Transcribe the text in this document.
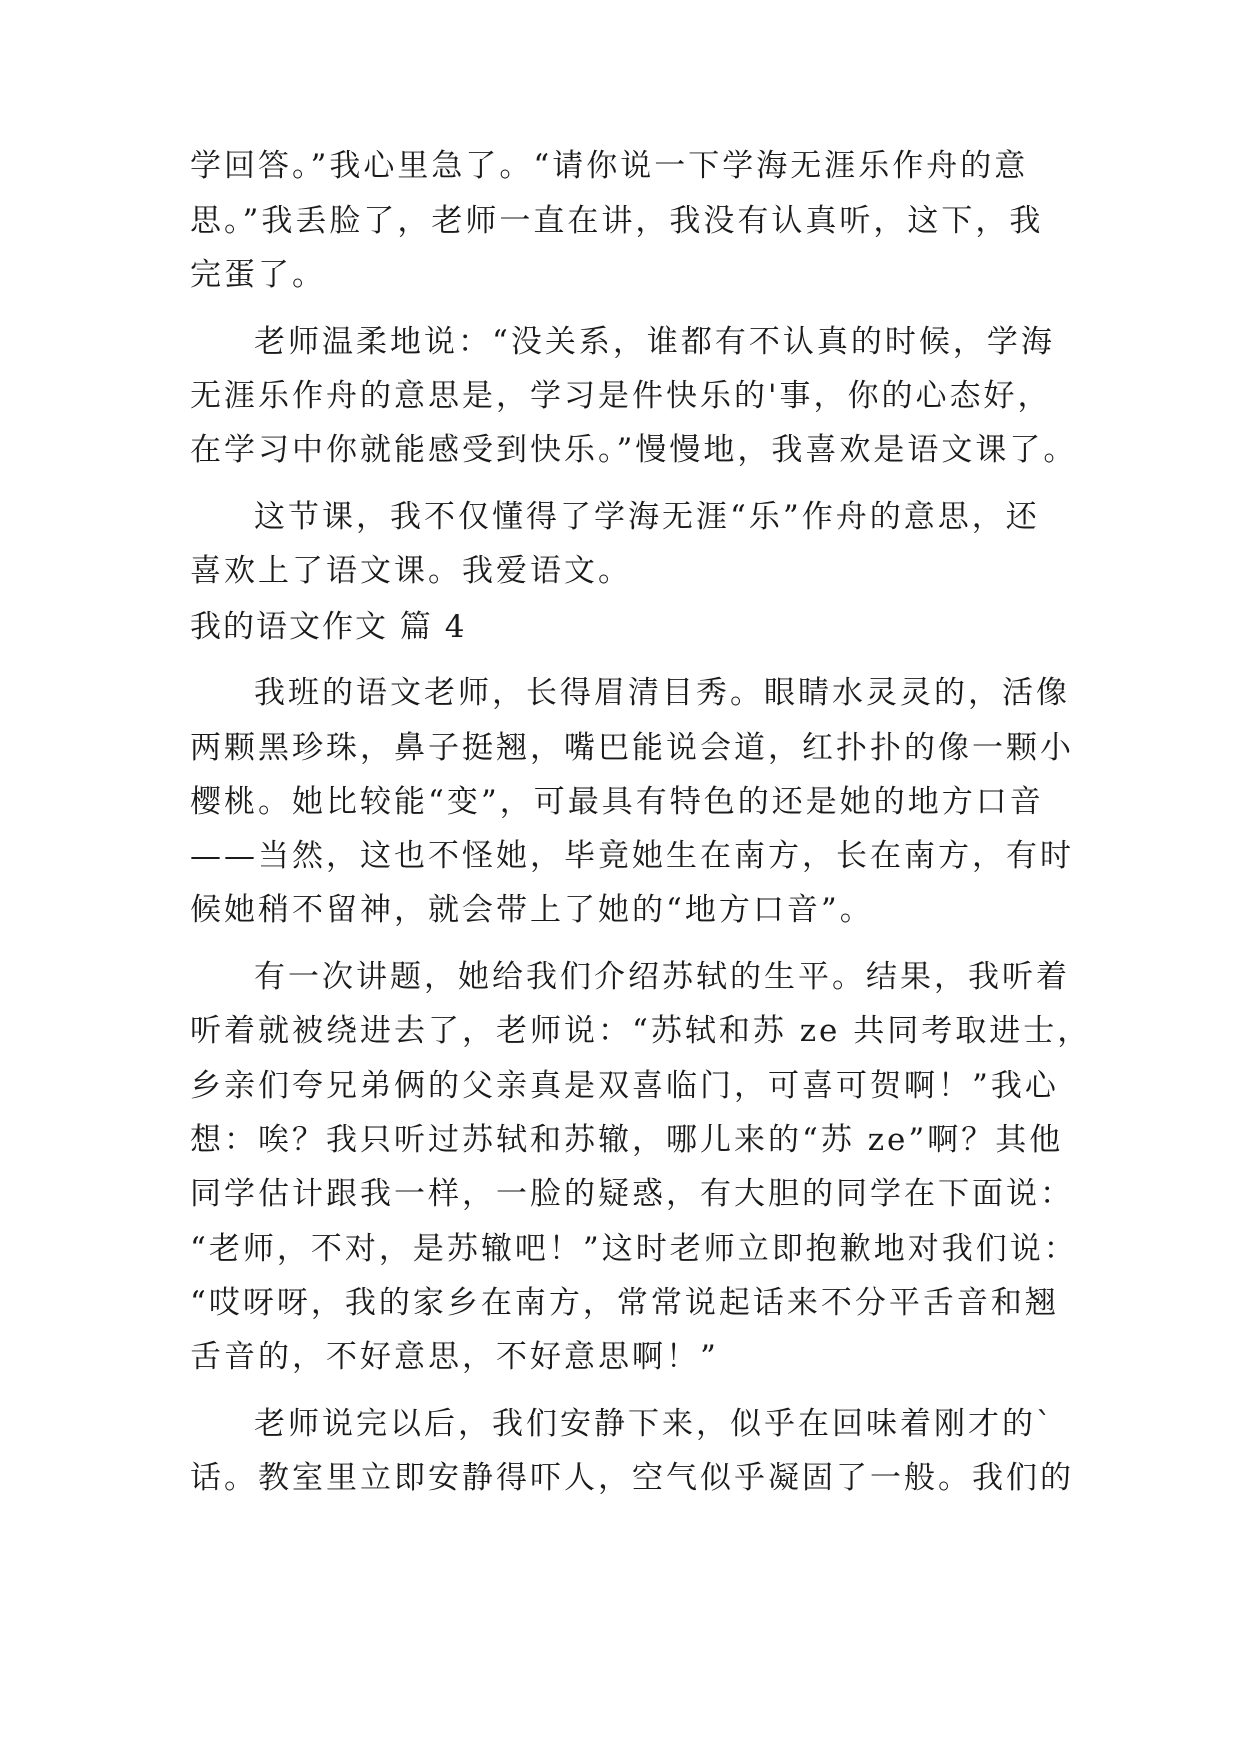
学回答。”我心里急了。“请你说一下学海无涯乐作舟的意
思。”我丢脸了，老师一直在讲，我没有认真听，这下，我
完蛋了。
老师温柔地说：“没关系，谁都有不认真的时候，学海
无涯乐作舟的意思是，学习是件快乐的'事，你的心态好，
在学习中你就能感受到快乐。”慢慢地，我喜欢是语文课了。
这节课，我不仅懂得了学海无涯“乐”作舟的意思，还
喜欢上了语文课。我爱语文。
我的语文作文 篇 4
我班的语文老师，长得眉清目秀。眼睛水灵灵的，活像
两颗黑珍珠，鼻子挺翘，嘴巴能说会道，红扑扑的像一颗小
樱桃。她比较能“变”，可最具有特色的还是她的地方口音
——当然，这也不怪她，毕竟她生在南方，长在南方，有时
候她稍不留神，就会带上了她的“地方口音”。
有一次讲题，她给我们介绍苏轼的生平。结果，我听着
听着就被绕进去了，老师说：“苏轼和苏 ze 共同考取进士，
乡亲们夸兄弟俩的父亲真是双喜临门，可喜可贺啊！”我心
想：唉？我只听过苏轼和苏辙，哪儿来的“苏 ze”啊？其他
同学估计跟我一样，一脸的疑惑，有大胆的同学在下面说：
“老师，不对，是苏辙吧！”这时老师立即抱歉地对我们说：
“哎呀呀，我的家乡在南方，常常说起话来不分平舌音和翘
舌音的，不好意思，不好意思啊！”
老师说完以后，我们安静下来，似乎在回味着刚才的`
话。教室里立即安静得吓人，空气似乎凝固了一般。我们的
